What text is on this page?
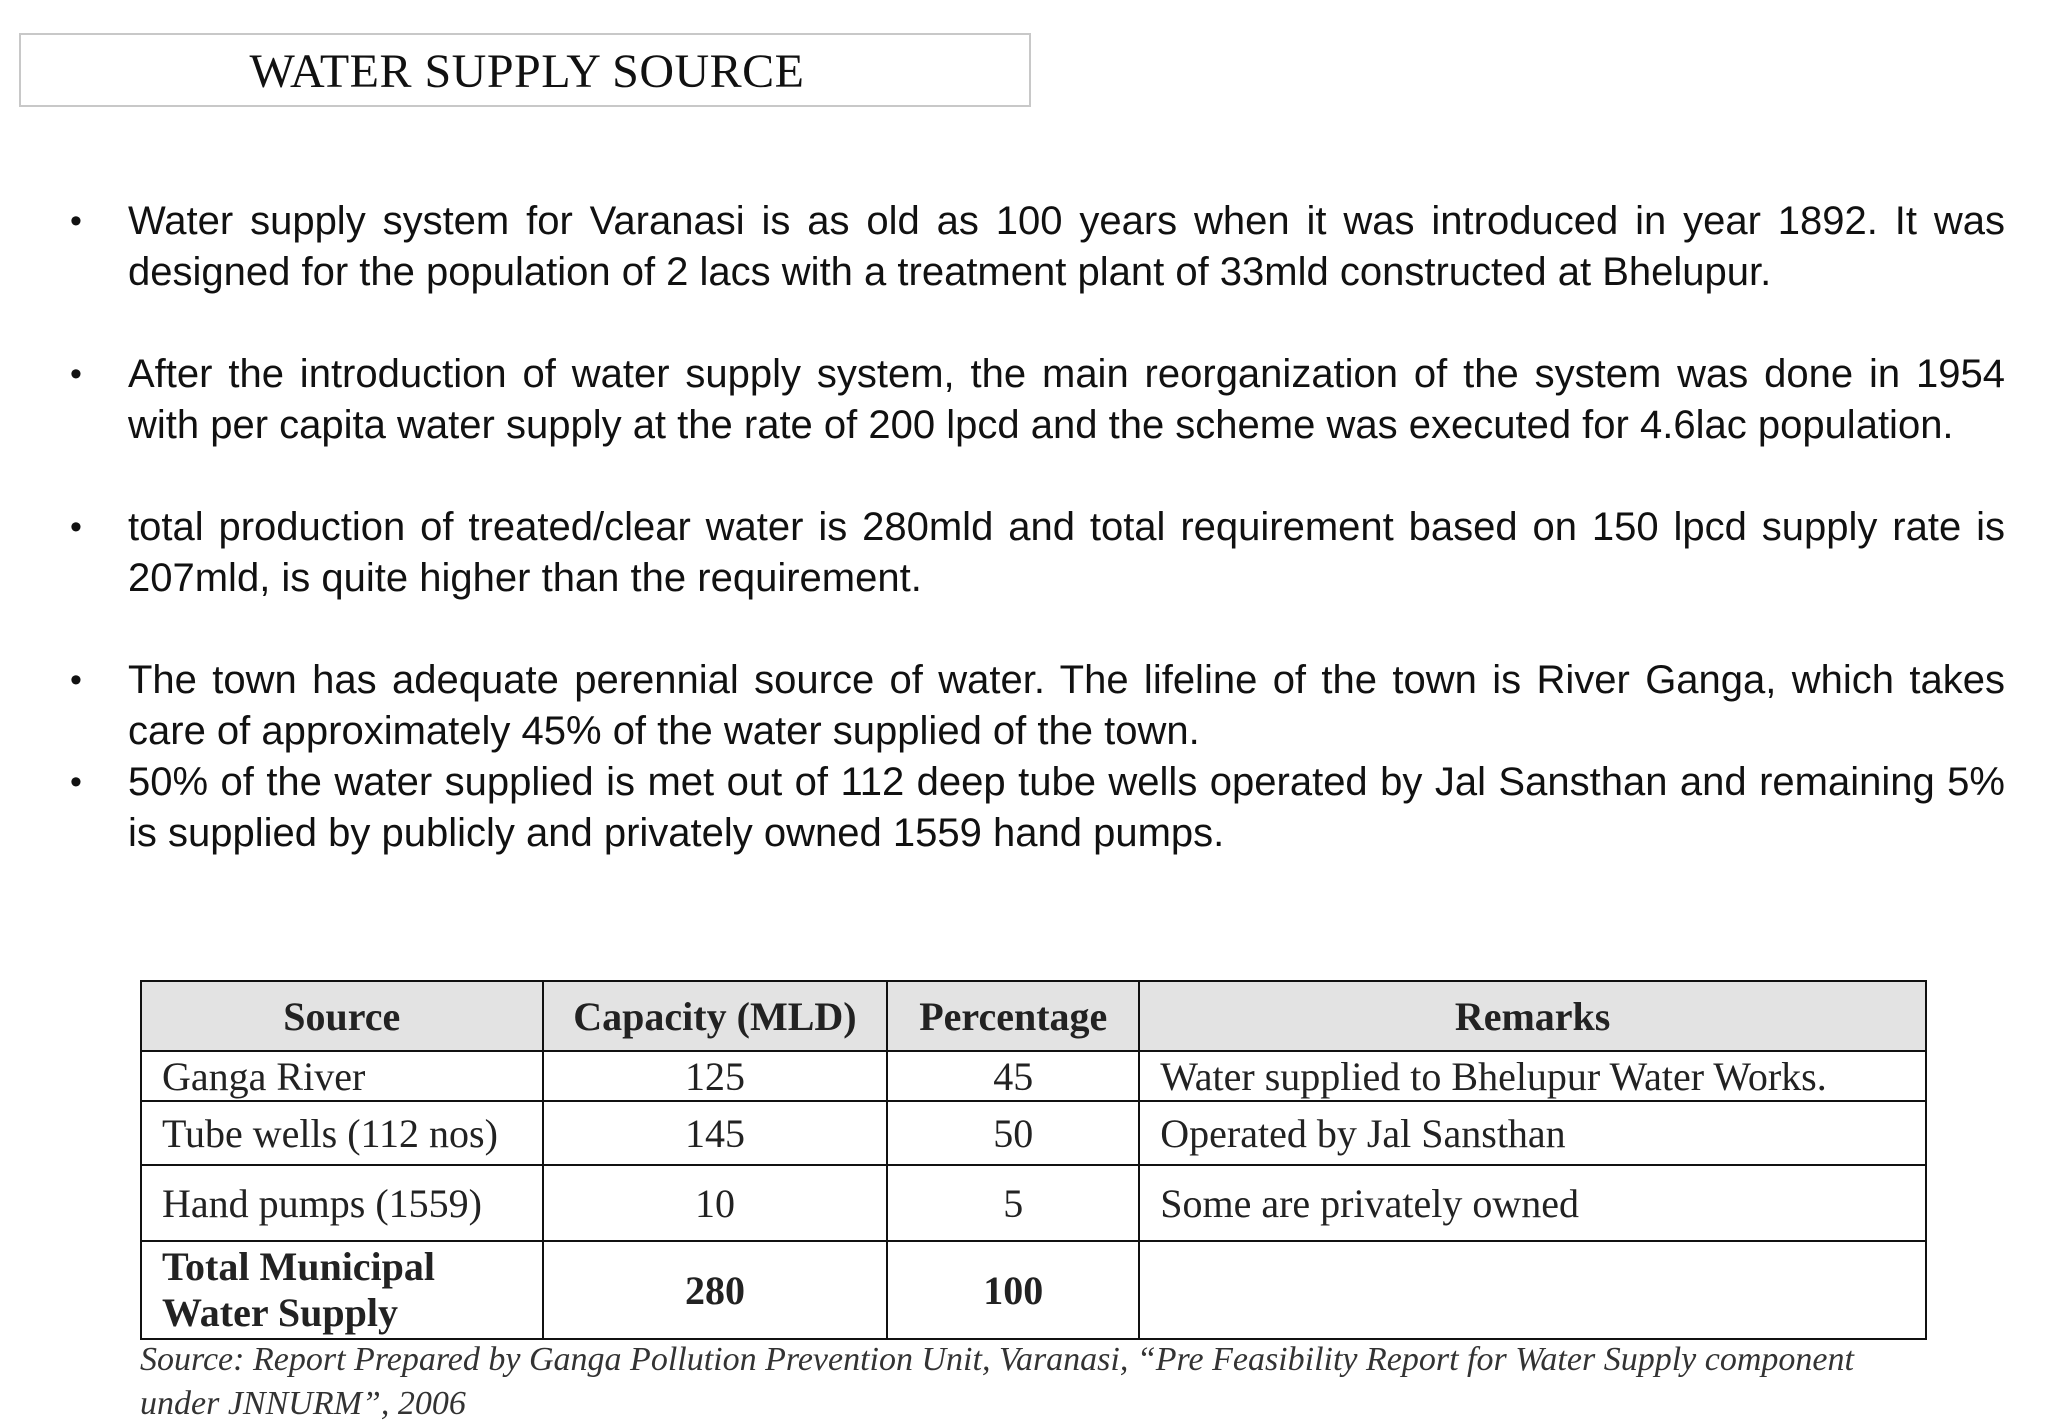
WATER SUPPLY SOURCE
• Water supply system for Varanasi is as old as 100 years when it was introduced in year 1892. It was designed for the population of 2 lacs with a treatment plant of 33mld constructed at Bhelupur.
• After the introduction of water supply system, the main reorganization of the system was done in 1954 with per capita water supply at the rate of 200 lpcd and the scheme was executed for 4.6lac population.
• total production of treated/clear water is 280mld and total requirement based on 150 lpcd supply rate is 207mld, is quite higher than the requirement.
• The town has adequate perennial source of water. The lifeline of the town is River Ganga, which takes care of approximately 45% of the water supplied of the town.
• 50% of the water supplied is met out of 112 deep tube wells operated by Jal Sansthan and remaining 5% is supplied by publicly and privately owned 1559 hand pumps.
Source	Capacity (MLD)	Percentage	Remarks
Ganga River	125	45	Water supplied to Bhelupur Water Works.
Tube wells (112 nos)	145	50	Operated by Jal Sansthan
Hand pumps (1559)	10	5	Some are privately owned
Total Municipal Water Supply	280	100	
Source: Report Prepared by Ganga Pollution Prevention Unit, Varanasi, “Pre Feasibility Report for Water Supply component under JNNURM”, 2006
